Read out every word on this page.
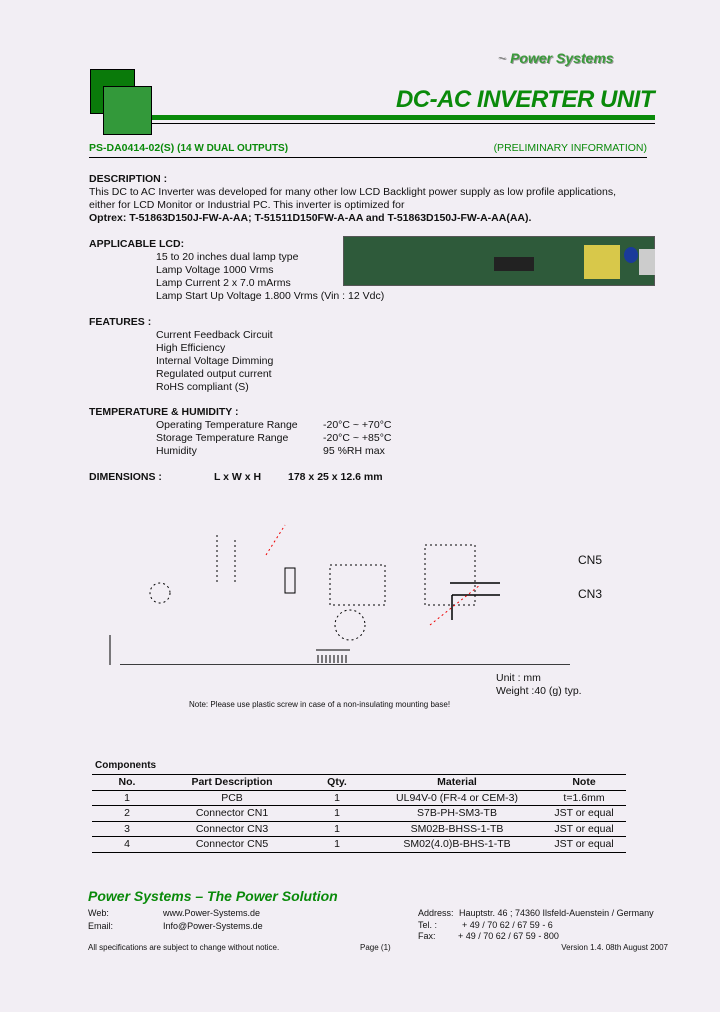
~ Power Systems
DC-AC INVERTER UNIT
PS-DA0414-02(S) (14 W DUAL OUTPUTS)	(PRELIMINARY INFORMATION)
DESCRIPTION :
This DC to AC Inverter was developed for many other low LCD Backlight power supply as low profile applications,
either for LCD Monitor or Industrial PC. This inverter is optimized for
Optrex: T-51863D150J-FW-A-AA; T-51511D150FW-A-AA and T-51863D150J-FW-A-AA(AA).
APPLICABLE LCD:
15 to 20 inches dual lamp type
Lamp Voltage 1000 Vrms
Lamp Current 2 x 7.0 mArms
Lamp Start Up Voltage 1.800 Vrms (Vin : 12 Vdc)
FEATURES :
Current Feedback Circuit
High Efficiency
Internal Voltage Dimming
Regulated output current
RoHS compliant (S)
TEMPERATURE & HUMIDITY :
Operating Temperature Range -20°C ~ +70°C
Storage Temperature Range	-20°C ~ +85°C
Humidity	95 %RH max
DIMENSIONS :	L x W x H	178 x 25 x 12.6 mm
CN5
CN3
Unit : mm
Weight :40 (g) typ.
Note: Please use plastic screw in case of a non-insulating mounting base!
Components
No.	Part Description	Qty.	Material	Note
1	PCB	1	UL94V-0 (FR-4 or CEM-3)	t=1.6mm
2	Connector CN1	1	S7B-PH-SM3-TB	JST or equal
3	Connector CN3	1	SM02B-BHSS-1-TB	JST or equal
4	Connector CN5	1	SM02(4.0)B-BHS-1-TB	JST or equal
Power Systems – The Power Solution
Web:	www.Power-Systems.de
Email:	Info@Power-Systems.de
Address: Hauptstr. 46 ; 74360 Ilsfeld-Auenstein / Germany
Tel. :	+ 49 / 70 62 / 67 59 - 6
Fax: + 49 / 70 62 / 67 59 - 800
All specifications are subject to change without notice.	Page (1)	Version 1.4. 08th August 2007
